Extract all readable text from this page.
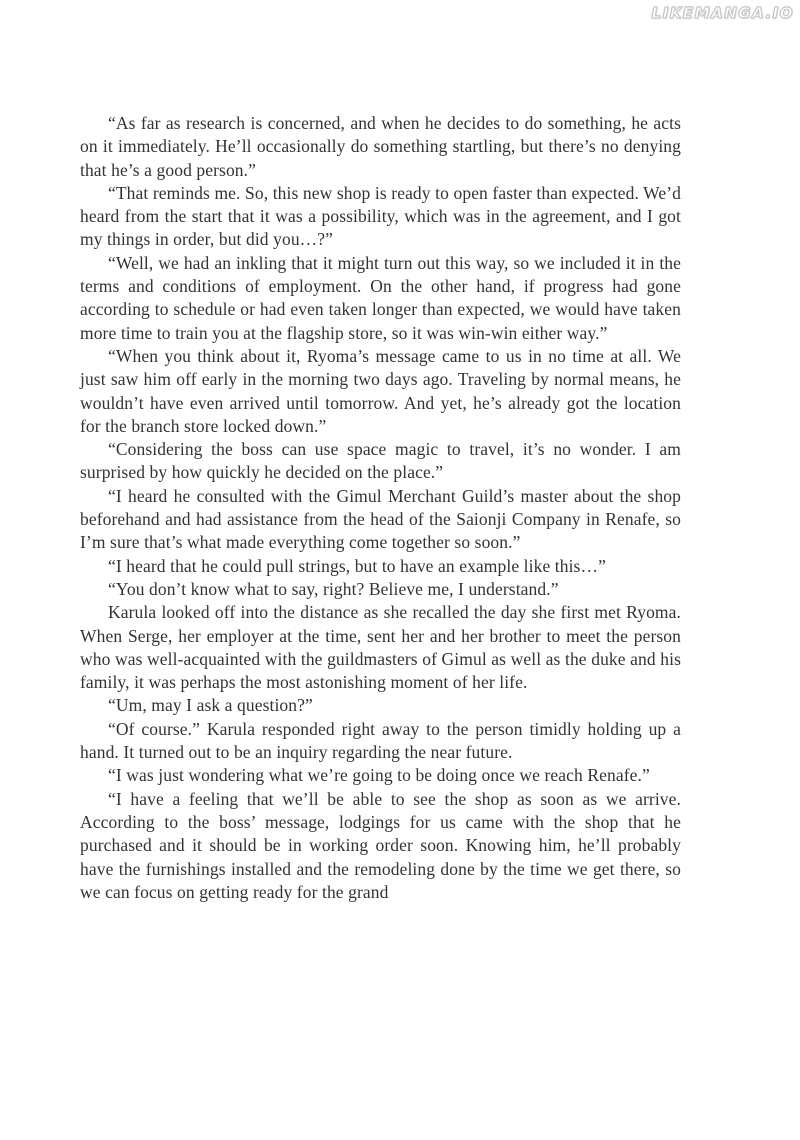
LIKEMANGA.IO

“As far as research is concerned, and when he decides to do something, he acts on it immediately. He’ll occasionally do something startling, but there’s no denying that he’s a good person.”

“That reminds me. So, this new shop is ready to open faster than expected. We’d heard from the start that it was a possibility, which was in the agreement, and I got my things in order, but did you…?”

“Well, we had an inkling that it might turn out this way, so we included it in the terms and conditions of employment. On the other hand, if progress had gone according to schedule or had even taken longer than expected, we would have taken more time to train you at the flagship store, so it was win-win either way.”

“When you think about it, Ryoma’s message came to us in no time at all. We just saw him off early in the morning two days ago. Traveling by normal means, he wouldn’t have even arrived until tomorrow. And yet, he’s already got the location for the branch store locked down.”

“Considering the boss can use space magic to travel, it’s no wonder. I am surprised by how quickly he decided on the place.”

“I heard he consulted with the Gimul Merchant Guild’s master about the shop beforehand and had assistance from the head of the Saionji Company in Renafe, so I’m sure that’s what made everything come together so soon.”

“I heard that he could pull strings, but to have an example like this…”

“You don’t know what to say, right? Believe me, I understand.”

Karula looked off into the distance as she recalled the day she first met Ryoma. When Serge, her employer at the time, sent her and her brother to meet the person who was well-acquainted with the guildmasters of Gimul as well as the duke and his family, it was perhaps the most astonishing moment of her life.

“Um, may I ask a question?”

“Of course.” Karula responded right away to the person timidly holding up a hand. It turned out to be an inquiry regarding the near future.

“I was just wondering what we’re going to be doing once we reach Renafe.”

“I have a feeling that we’ll be able to see the shop as soon as we arrive. According to the boss’ message, lodgings for us came with the shop that he purchased and it should be in working order soon. Knowing him, he’ll probably have the furnishings installed and the remodeling done by the time we get there, so we can focus on getting ready for the grand
